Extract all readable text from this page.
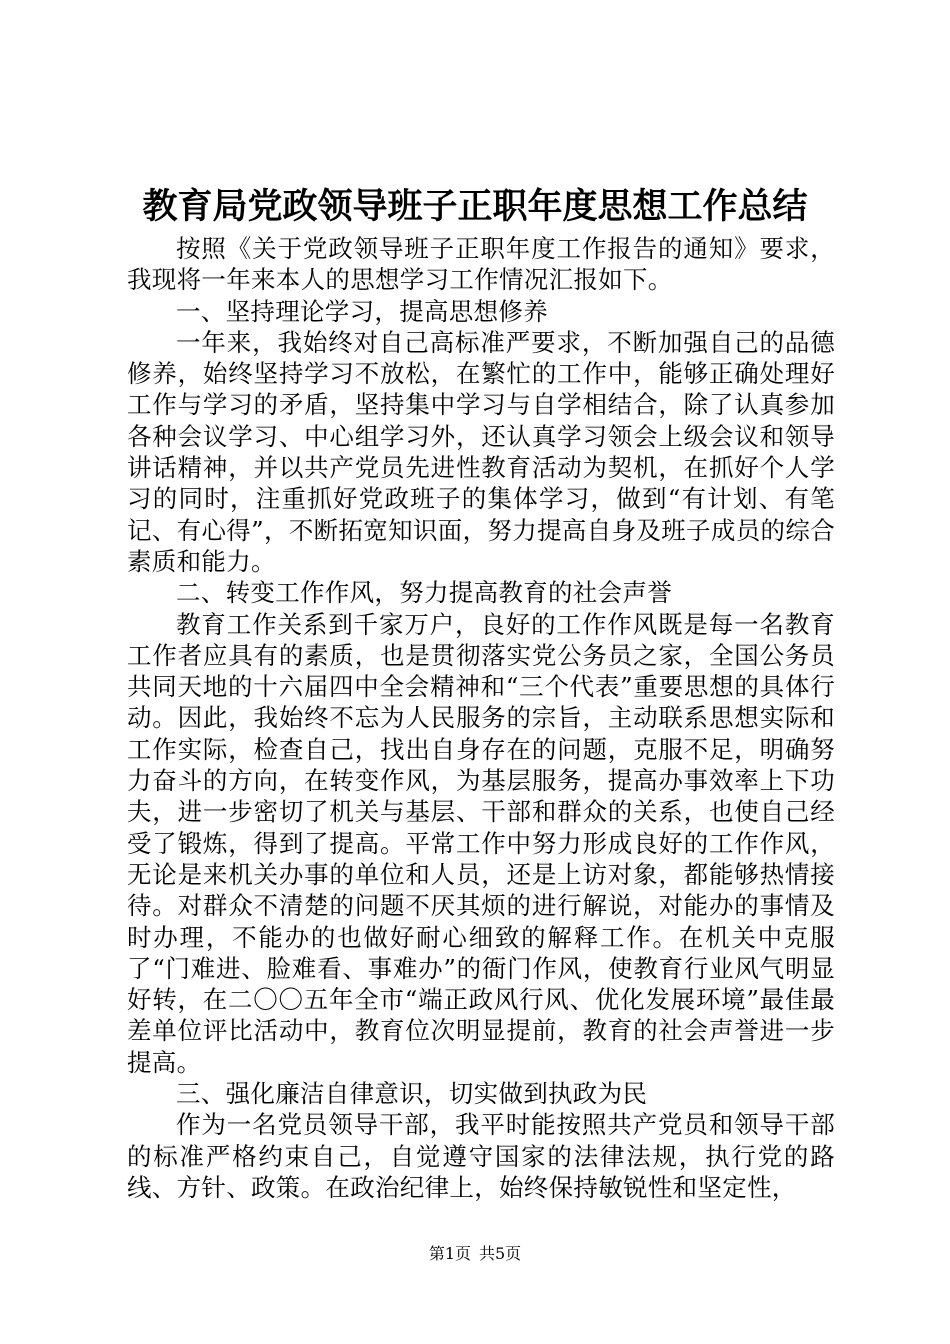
教育局党政领导班子正职年度思想工作总结

按照《关于党政领导班子正职年度工作报告的通知》要求，我现将一年来本人的思想学习工作情况汇报如下。

一、坚持理论学习，提高思想修养

一年来，我始终对自己高标准严要求，不断加强自己的品德修养，始终坚持学习不放松，在繁忙的工作中，能够正确处理好工作与学习的矛盾，坚持集中学习与自学相结合，除了认真参加各种会议学习、中心组学习外，还认真学习领会上级会议和领导讲话精神，并以共产党员先进性教育活动为契机，在抓好个人学习的同时，注重抓好党政班子的集体学习，做到“有计划、有笔记、有心得”，不断拓宽知识面，努力提高自身及班子成员的综合素质和能力。

二、转变工作作风，努力提高教育的社会声誉

教育工作关系到千家万户，良好的工作作风既是每一名教育工作者应具有的素质，也是贯彻落实党公务员之家，全国公务员共同天地的十六届四中全会精神和“三个代表”重要思想的具体行动。因此，我始终不忘为人民服务的宗旨，主动联系思想实际和工作实际，检查自己，找出自身存在的问题，克服不足，明确努力奋斗的方向，在转变作风，为基层服务，提高办事效率上下功夫，进一步密切了机关与基层、干部和群众的关系，也使自己经受了锻炼，得到了提高。平常工作中努力形成良好的工作作风，无论是来机关办事的单位和人员，还是上访对象，都能够热情接待。对群众不清楚的问题不厌其烦的进行解说，对能办的事情及时办理，不能办的也做好耐心细致的解释工作。在机关中克服了“门难进、脸难看、事难办”的衙门作风，使教育行业风气明显好转，在二〇〇五年全市“端正政风行风、优化发展环境”最佳最差单位评比活动中，教育位次明显提前，教育的社会声誉进一步提高。

三、强化廉洁自律意识，切实做到执政为民

作为一名党员领导干部，我平时能按照共产党员和领导干部的标准严格约束自己，自觉遵守国家的法律法规，执行党的路线、方针、政策。在政治纪律上，始终保持敏锐性和坚定性，

第1页 共5页
